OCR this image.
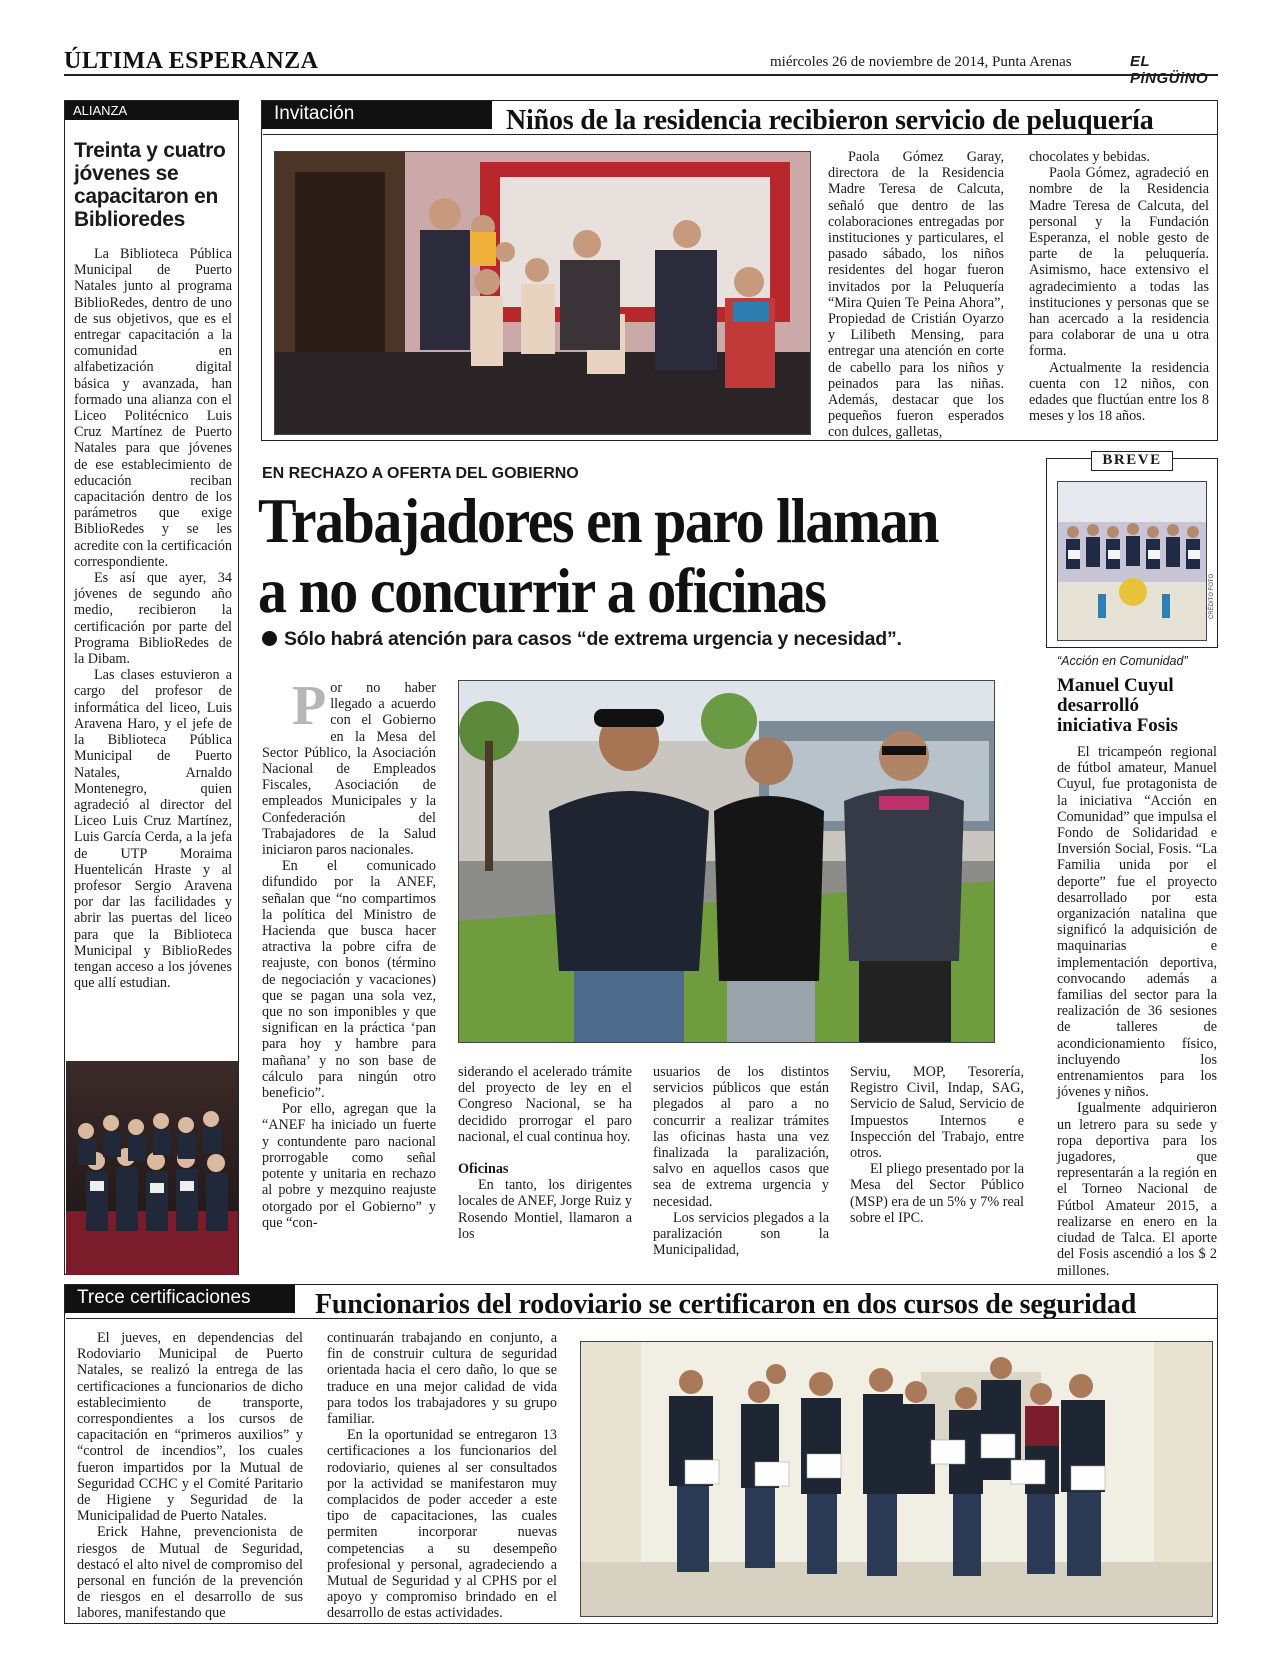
ÚLTIMA ESPERANZA	miércoles 26 de noviembre de 2014, Punta Arenas	EL PiNGÜiNO
ALIANZA
Treinta y cuatro jóvenes se capacitaron en Biblioredes

La Biblioteca Pública Municipal de Puerto Natales junto al programa BiblioRedes, dentro de uno de sus objetivos, que es el entregar capacitación a la comunidad en alfabetización digital básica y avanzada, han formado una alianza con el Liceo Politécnico Luis Cruz Martínez de Puerto Natales para que jóvenes de ese establecimiento de educación reciban capacitación dentro de los parámetros que exige BiblioRedes y se les acredite con la certificación correspondiente.

Es así que ayer, 34 jóvenes de segundo año medio, recibieron la certificación por parte del Programa BiblioRedes de la Dibam.

Las clases estuvieron a cargo del profesor de informática del liceo, Luis Aravena Haro, y el jefe de la Biblioteca Pública Municipal de Puerto Natales, Arnaldo Montenegro, quien agradeció al director del Liceo Luis Cruz Martínez, Luis García Cerda, a la jefa de UTP Moraima Huentelicán Hraste y al profesor Sergio Aravena por dar las facilidades y abrir las puertas del liceo para que la Biblioteca Municipal y BiblioRedes tengan acceso a los jóvenes que allí estudian.

Invitación	Niños de la residencia recibieron servicio de peluquería
Paola Gómez Garay, directora de la Residencia Madre Teresa de Calcuta, señaló que dentro de las colaboraciones entregadas por instituciones y particulares, el pasado sábado, los niños residentes del hogar fueron invitados por la Peluquería “Mira Quien Te Peina Ahora”, Propiedad de Cristián Oyarzo y Lilibeth Mensing, para entregar una atención en corte de cabello para los niños y peinados para las niñas. Además, destacar que los pequeños fueron esperados con dulces, galletas,
chocolates y bebidas.

Paola Gómez, agradeció en nombre de la Residencia Madre Teresa de Calcuta, del personal y la Fundación Esperanza, el noble gesto de parte de la peluquería. Asimismo, hace extensivo el agradecimiento a todas las instituciones y personas que se han acercado a la residencia para colaborar de una u otra forma.

Actualmente la residencia cuenta con 12 niños, con edades que fluctúan entre los 8 meses y los 18 años.

EN RECHAZO A OFERTA DEL GOBIERNO
Trabajadores en paro llaman
a no concurrir a oficinas
Sólo habrá atención para casos “de extrema urgencia y necesidad”.
P or no haber llegado a acuerdo con el Gobierno en la Mesa del Sector Público, la Asociación Nacional de Empleados Fiscales, Asociación de empleados Municipales y la Confederación del Trabajadores de la Salud iniciaron paros nacionales.

En el comunicado difundido por la ANEF, señalan que “no compartimos la política del Ministro de Hacienda que busca hacer atractiva la pobre cifra de reajuste, con bonos (término de negociación y vacaciones) que se pagan una sola vez, que no son imponibles y que significan en la práctica ‘pan para hoy y hambre para mañana’ y no son base de cálculo para ningún otro beneficio”.

Por ello, agregan que la “ANEF ha iniciado un fuerte y contundente paro nacional prorrogable como señal potente y unitaria en rechazo al pobre y mezquino reajuste otorgado por el Gobierno” y que “con-

siderando el acelerado trámite del proyecto de ley en el Congreso Nacional, se ha decidido prorrogar el paro nacional, el cual continua hoy.
Oficinas

En tanto, los dirigentes locales de ANEF, Jorge Ruiz y Rosendo Montiel, llamaron a los

usuarios de los distintos servicios públicos que están plegados al paro a no concurrir a realizar trámites las oficinas hasta una vez finalizada la paralización, salvo en aquellos casos que sea de extrema urgencia y necesidad.

Los servicios plegados a la paralización son la Municipalidad,

Serviu, MOP, Tesorería, Registro Civil, Indap, SAG, Servicio de Salud, Servicio de Impuestos Internos e Inspección del Trabajo, entre otros.

El pliego presentado por la Mesa del Sector Público (MSP) era de un 5% y 7% real sobre el IPC.

BREVE
CRÉDITO FOTO
“Acción en Comunidad”
Manuel Cuyul desarrolló iniciativa Fosis

El tricampeón regional de fútbol amateur, Manuel Cuyul, fue protagonista de la iniciativa “Acción en Comunidad” que impulsa el Fondo de Solidaridad e Inversión Social, Fosis. “La Familia unida por el deporte” fue el proyecto desarrollado por esta organización natalina que significó la adquisición de maquinarias e implementación deportiva, convocando además a familias del sector para la realización de 36 sesiones de talleres de acondicionamiento físico, incluyendo los entrenamientos para los jóvenes y niños.

Igualmente adquirieron un letrero para su sede y ropa deportiva para los jugadores, que representarán a la región en el Torneo Nacional de Fútbol Amateur 2015, a realizarse en enero en la ciudad de Talca. El aporte del Fosis ascendió a los $ 2 millones.

Trece certificaciones	Funcionarios del rodoviario se certificaron en dos cursos de seguridad

El jueves, en dependencias del Rodoviario Municipal de Puerto Natales, se realizó la entrega de las certificaciones a funcionarios de dicho establecimiento de transporte, correspondientes a los cursos de capacitación en “primeros auxilios” y “control de incendios”, los cuales fueron impartidos por la Mutual de Seguridad CCHC y el Comité Paritario de Higiene y Seguridad de la Municipalidad de Puerto Natales.

Erick Hahne, prevencionista de riesgos de Mutual de Seguridad, destacó el alto nivel de compromiso del personal en función de la prevención de riesgos en el desarrollo de sus labores, manifestando que

continuarán trabajando en conjunto, a fin de construir cultura de seguridad orientada hacia el cero daño, lo que se traduce en una mejor calidad de vida para todos los trabajadores y su grupo familiar.

En la oportunidad se entregaron 13 certificaciones a los funcionarios del rodoviario, quienes al ser consultados por la actividad se manifestaron muy complacidos de poder acceder a este tipo de capacitaciones, las cuales permiten incorporar nuevas competencias a su desempeño profesional y personal, agradeciendo a Mutual de Seguridad y al CPHS por el apoyo y compromiso brindado en el desarrollo de estas actividades.
